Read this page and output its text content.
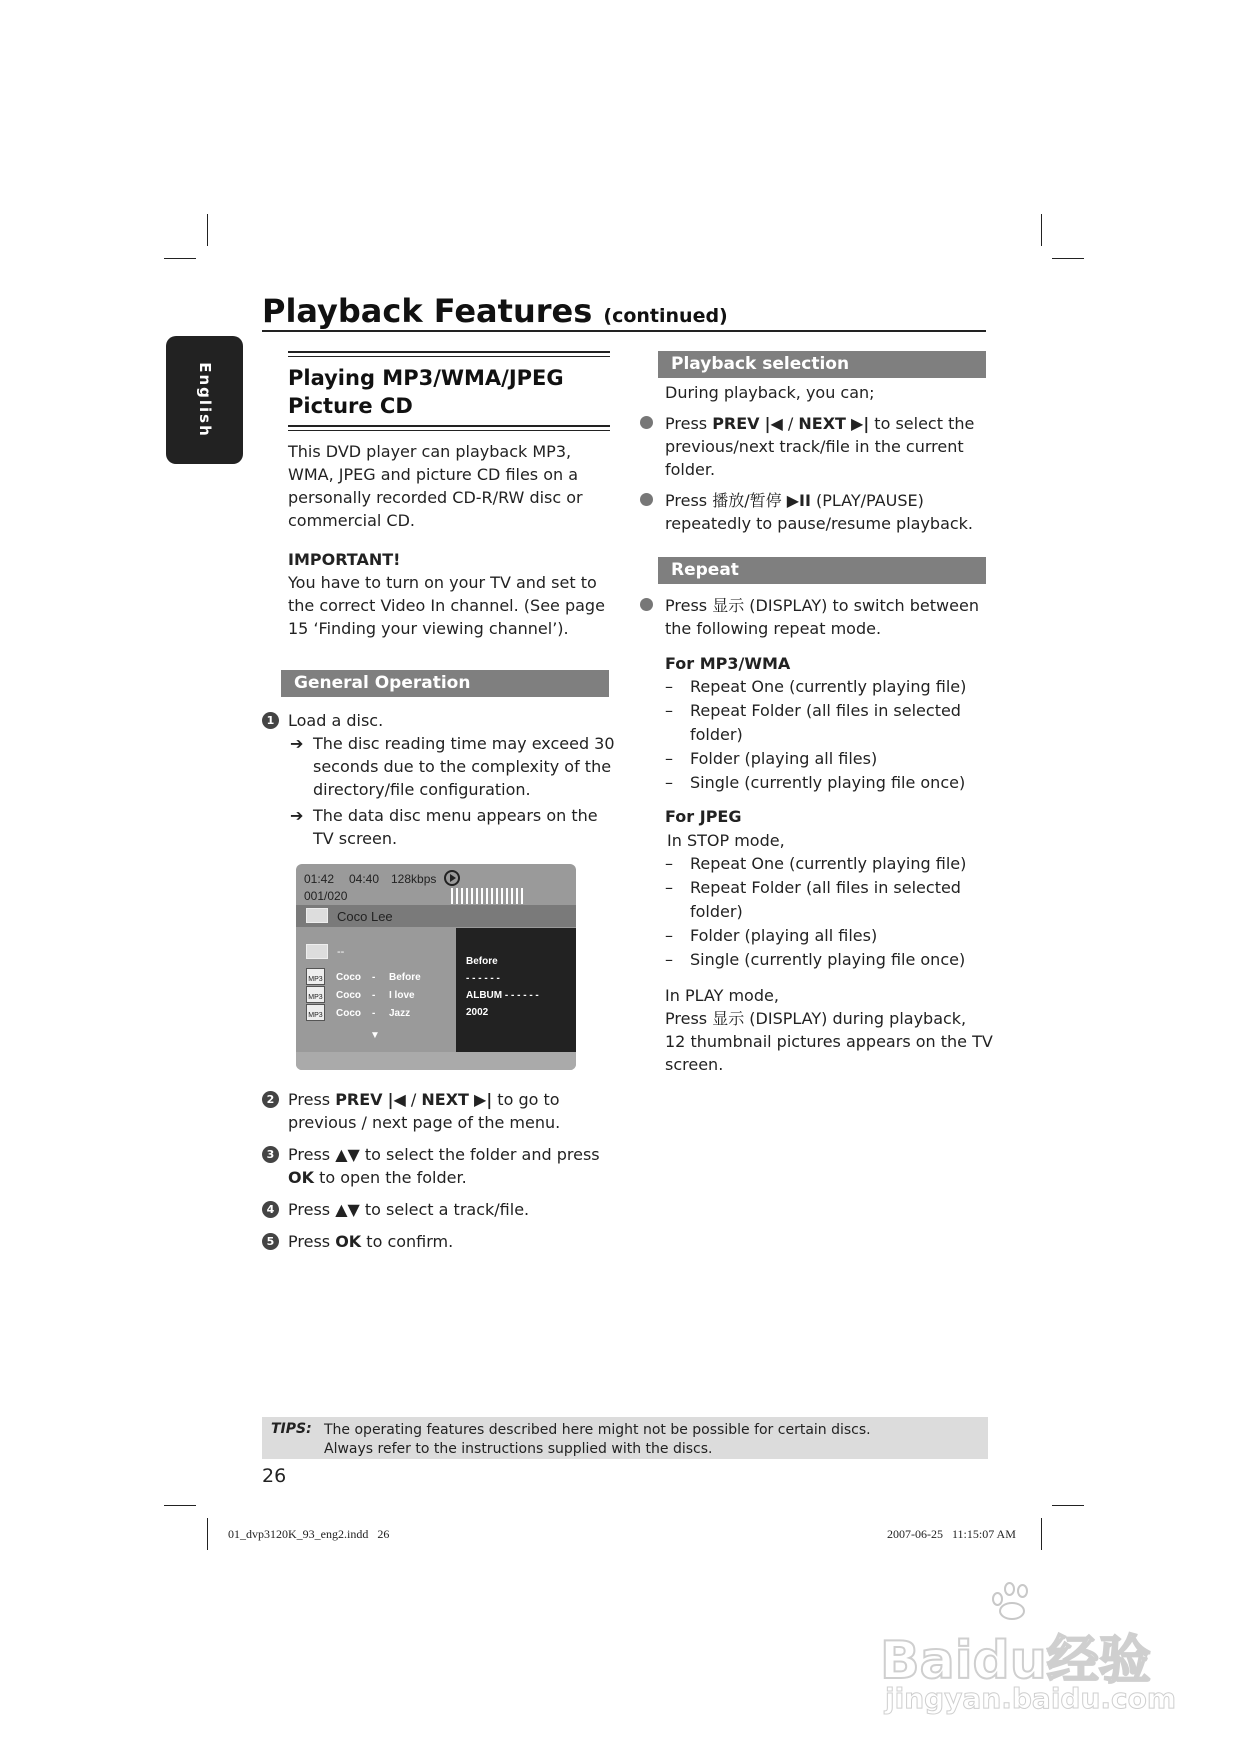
English
Playback Features (continued)
Playing MP3/WMA/JPEG
Picture CD
This DVD player can playback MP3,
WMA, JPEG and picture CD files on a
personally recorded CD-R/RW disc or
commercial CD.
IMPORTANT!
You have to turn on your TV and set to
the correct Video In channel. (See page
15 ‘Finding your viewing channel’).
General Operation
1 Load a disc.
➔ The disc reading time may exceed 30
seconds due to the complexity of the
directory/file configuration.
➔ The data disc menu appears on the
TV screen.
01:42 04:40 128kbps
001/020
Coco Lee
Before
- - - - - -
ALBUM - - - - - -
2002
--
MP3 Coco - Before
MP3 Coco - I love
MP3 Coco - Jazz
▼
2 Press PREV |◀ / NEXT ▶| to go to
previous / next page of the menu.
3 Press ▲▼ to select the folder and press
OK to open the folder.
4 Press ▲▼ to select a track/file.
5 Press OK to confirm.
Playback selection
During playback, you can;
Press PREV |◀ / NEXT ▶| to select the
previous/next track/file in the current
folder.
Press 播放/暂停 ▶II (PLAY/PAUSE)
repeatedly to pause/resume playback.
Repeat
Press 显示 (DISPLAY) to switch between
the following repeat mode.
For MP3/WMA
– Repeat One (currently playing file)
– Repeat Folder (all files in selected
folder)
– Folder (playing all files)
– Single (currently playing file once)
For JPEG
In STOP mode,
– Repeat One (currently playing file)
– Repeat Folder (all files in selected
folder)
– Folder (playing all files)
– Single (currently playing file once)
In PLAY mode,
Press 显示 (DISPLAY) during playback,
12 thumbnail pictures appears on the TV
screen.
TIPS: The operating features described here might not be possible for certain discs.
Always refer to the instructions supplied with the discs.
26
01_dvp3120K_93_eng2.indd   26	2007-06-25   11:15:07 AM
Baidu经验
jingyan.baidu.com
